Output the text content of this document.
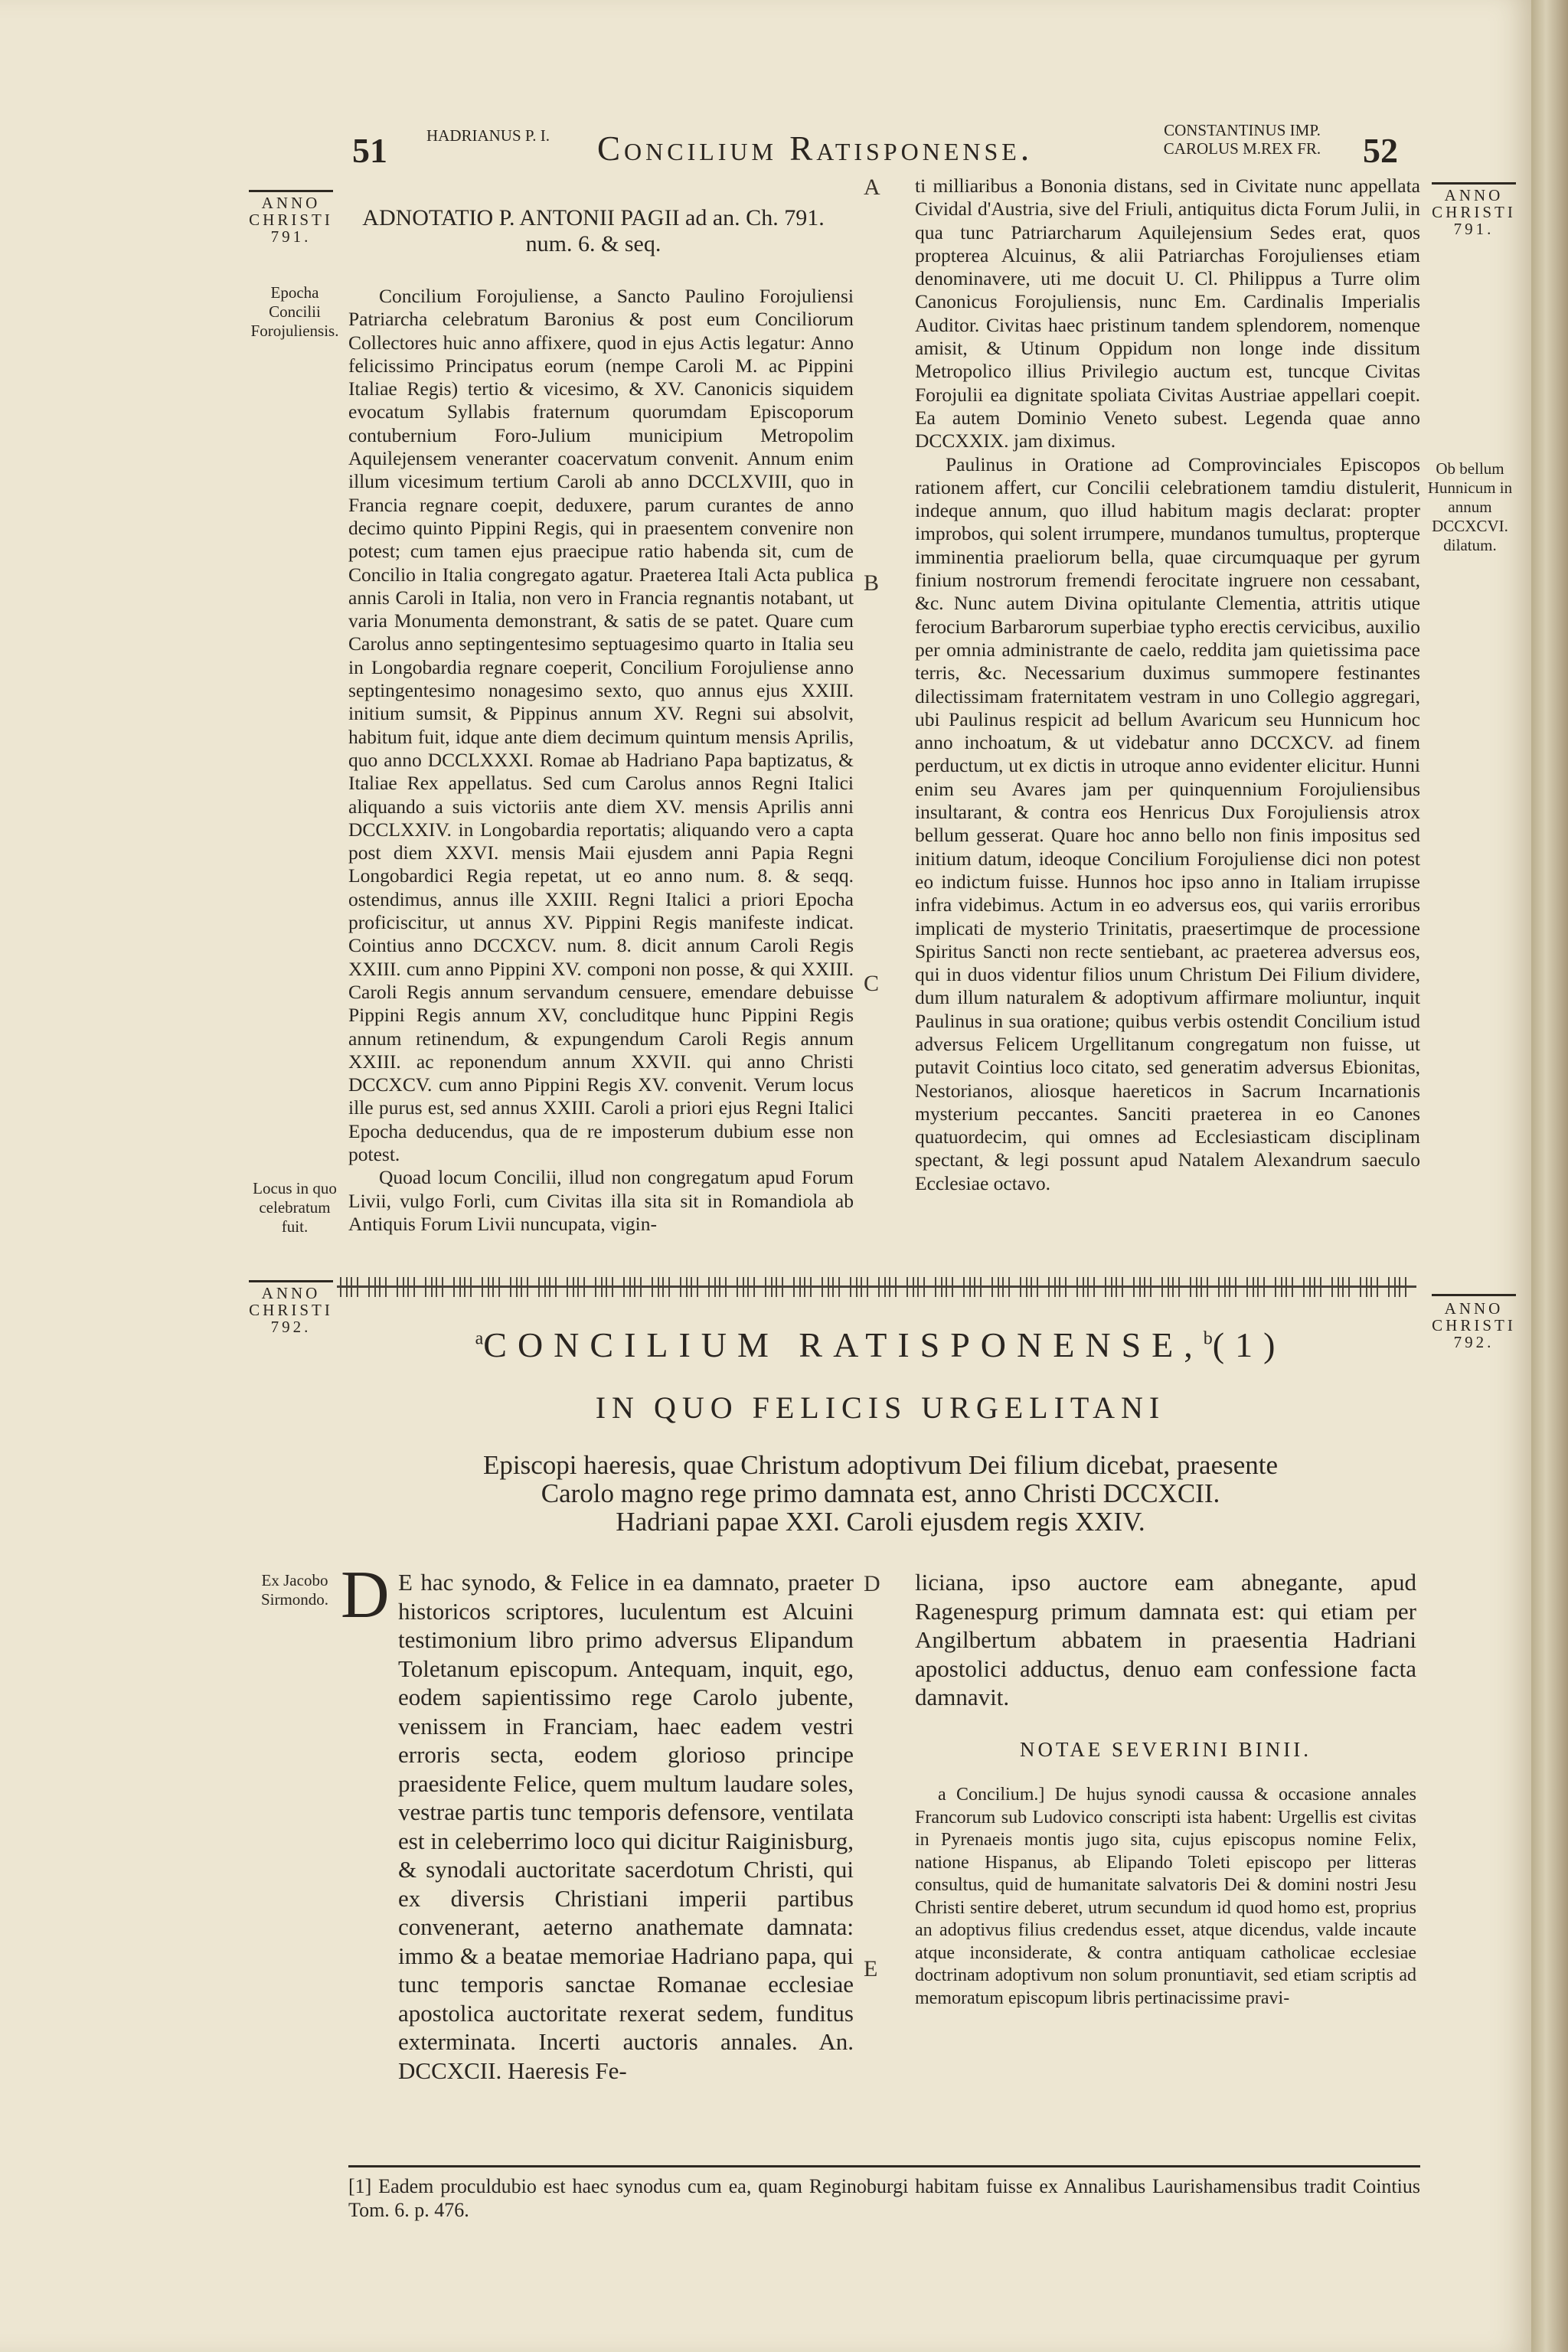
51 HADRIANUS P. I. Concilium Ratisponense.	CONSTANTINUS IMP. CAROLUS M.REX FR.	52
ANNO CHRISTI 791.
ANNO CHRISTI 791.
ADNOTATIO P. ANTONII PAGII ad an. Ch. 791. num. 6. & seq.
Epocha Concilii Forojuliensis.
Locus in quo celebratum fuit.
Ob bellum Hunnicum in annum DCCXCVI. dilatum.
A
B
C
D
E

Concilium Forojuliense, a Sancto Paulino Forojuliensi Patriarcha celebratum Baronius & post eum Conciliorum Collectores huic anno affixere, quod in ejus Actis legatur: Anno felicissimo Principatus eorum (nempe Caroli M. ac Pippini Italiae Regis) tertio & vicesimo, & XV. Canonicis siquidem evocatum Syllabis fraternum quorumdam Episcoporum contubernium Foro-Julium municipium Metropolim Aquilejensem veneranter coacervatum convenit. Annum enim illum vicesimum tertium Caroli ab anno DCCLXVIII, quo in Francia regnare coepit, deduxere, parum curantes de anno decimo quinto Pippini Regis, qui in praesentem convenire non potest; cum tamen ejus praecipue ratio habenda sit, cum de Concilio in Italia congregato agatur. Praeterea Itali Acta publica annis Caroli in Italia, non vero in Francia regnantis notabant, ut varia Monumenta demonstrant, & satis de se patet. Quare cum Carolus anno septingentesimo septuagesimo quarto in Italia seu in Longobardia regnare coeperit, Concilium Forojuliense anno septingentesimo nonagesimo sexto, quo annus ejus XXIII. initium sumsit, & Pippinus annum XV. Regni sui absolvit, habitum fuit, idque ante diem decimum quintum mensis Aprilis, quo anno DCCLXXXI. Romae ab Hadriano Papa baptizatus, & Italiae Rex appellatus. Sed cum Carolus annos Regni Italici aliquando a suis victoriis ante diem XV. mensis Aprilis anni DCCLXXIV. in Longobardia reportatis; aliquando vero a capta post diem XXVI. mensis Maii ejusdem anni Papia Regni Longobardici Regia repetat, ut eo anno num. 8. & seqq. ostendimus, annus ille XXIII. Regni Italici a priori Epocha proficiscitur, ut annus XV. Pippini Regis manifeste indicat. Cointius anno DCCXCV. num. 8. dicit annum Caroli Regis XXIII. cum anno Pippini XV. componi non posse, & qui XXIII. Caroli Regis annum servandum censuere, emendare debuisse Pippini Regis annum XV, concluditque hunc Pippini Regis annum retinendum, & expungendum Caroli Regis annum XXIII. ac reponendum annum XXVII. qui anno Christi DCCXCV. cum anno Pippini Regis XV. convenit. Verum locus ille purus est, sed annus XXIII. Caroli a priori ejus Regni Italici Epocha deducendus, qua de re imposterum dubium esse non potest.

Quoad locum Concilii, illud non congregatum apud Forum Livii, vulgo Forli, cum Civitas illa sita sit in Romandiola ab Antiquis Forum Livii nuncupata, vigin-

ti milliaribus a Bononia distans, sed in Civitate nunc appellata Cividal d'Austria, sive del Friuli, antiquitus dicta Forum Julii, in qua tunc Patriarcharum Aquilejensium Sedes erat, quos propterea Alcuinus, & alii Patriarchas Forojulienses etiam denominavere, uti me docuit U. Cl. Philippus a Turre olim Canonicus Forojuliensis, nunc Em. Cardinalis Imperialis Auditor. Civitas haec pristinum tandem splendorem, nomenque amisit, & Utinum Oppidum non longe inde dissitum Metropolico illius Privilegio auctum est, tuncque Civitas Forojulii ea dignitate spoliata Civitas Austriae appellari coepit. Ea autem Dominio Veneto subest. Legenda quae anno DCCXXIX. jam diximus.

Paulinus in Oratione ad Comprovinciales Episcopos rationem affert, cur Concilii celebrationem tamdiu distulerit, indeque annum, quo illud habitum magis declarat: propter improbos, qui solent irrumpere, mundanos tumultus, propterque imminentia praeliorum bella, quae circumquaque per gyrum finium nostrorum fremendi ferocitate ingruere non cessabant, &c. Nunc autem Divina opitulante Clementia, attritis utique ferocium Barbarorum superbiae typho erectis cervicibus, auxilio per omnia administrante de caelo, reddita jam quietissima pace terris, &c. Necessarium duximus summopere festinantes dilectissimam fraternitatem vestram in uno Collegio aggregari, ubi Paulinus respicit ad bellum Avaricum seu Hunnicum hoc anno inchoatum, & ut videbatur anno DCCXCV. ad finem perductum, ut ex dictis in utroque anno evidenter elicitur. Hunni enim seu Avares jam per quinquennium Forojuliensibus insultarant, & contra eos Henricus Dux Forojuliensis atrox bellum gesserat. Quare hoc anno bello non finis impositus sed initium datum, ideoque Concilium Forojuliense dici non potest eo indictum fuisse. Hunnos hoc ipso anno in Italiam irrupisse infra videbimus. Actum in eo adversus eos, qui variis erroribus implicati de mysterio Trinitatis, praesertimque de processione Spiritus Sancti non recte sentiebant, ac praeterea adversus eos, qui in duos videntur filios unum Christum Dei Filium dividere, dum illum naturalem & adoptivum affirmare moliuntur, inquit Paulinus in sua oratione; quibus verbis ostendit Concilium istud adversus Felicem Urgellitanum congregatum non fuisse, ut putavit Cointius loco citato, sed generatim adversus Ebionitas, Nestorianos, aliosque haereticos in Sacrum Incarnationis mysterium peccantes. Sanciti praeterea in eo Canones quatuordecim, qui omnes ad Ecclesiasticam disciplinam spectant, & legi possunt apud Natalem Alexandrum saeculo Ecclesiae octavo.

ANNO CHRISTI 792.
ANNO CHRISTI 792.
$^a$CONCILIUM RATISPONENSE,$^b$(1)
IN QUO FELICIS URGELITANI
Episcopi haeresis, quae Christum adoptivum Dei filium dicebat, praesente
Carolo magno rege primo damnata est, anno Christi DCCXCII.
Hadriani papae XXI. Caroli ejusdem regis XXIV.
Ex Jacobo Sirmondo. D E hac synodo, & Felice in ea damnato, praeter historicos scriptores, luculentum est Alcuini testimonium libro primo adversus Elipandum Toletanum episcopum. Antequam, inquit, ego, eodem sapientissimo rege Carolo jubente, venissem in Franciam, haec eadem vestri erroris secta, eodem glorioso principe praesidente Felice, quem multum laudare soles, vestrae partis tunc temporis defensore, ventilata est in celeberrimo loco qui dicitur Raiginisburg, & synodali auctoritate sacerdotum Christi, qui ex diversis Christiani imperii partibus convenerant, aeterno anathemate damnata: immo & a beatae memoriae Hadriano papa, qui tunc temporis sanctae Romanae ecclesiae apostolica auctoritate rexerat sedem, funditus exterminata. Incerti auctoris annales. An. DCCXCII. Haeresis Fe-
liciana, ipso auctore eam abnegante, apud Ragenespurg primum damnata est: qui etiam per Angilbertum abbatem in praesentia Hadriani apostolici adductus, denuo eam confessione facta damnavit.
NOTAE SEVERINI BINII.
a Concilium.] De hujus synodi caussa & occasione annales Francorum sub Ludovico conscripti ista habent: Urgellis est civitas in Pyrenaeis montis jugo sita, cujus episcopus nomine Felix, natione Hispanus, ab Elipando Toleti episcopo per litteras consultus, quid de humanitate salvatoris Dei & domini nostri Jesu Christi sentire deberet, utrum secundum id quod homo est, proprius an adoptivus filius credendus esset, atque dicendus, valde incaute atque inconsiderate, & contra antiquam catholicae ecclesiae doctrinam adoptivum non solum pronuntiavit, sed etiam scriptis ad memoratum episcopum libris pertinacissime pravi-
[1] Eadem proculdubio est haec synodus cum ea, quam Reginoburgi habitam fuisse ex Annalibus Laurishamensibus tradit Cointius Tom. 6. p. 476.
